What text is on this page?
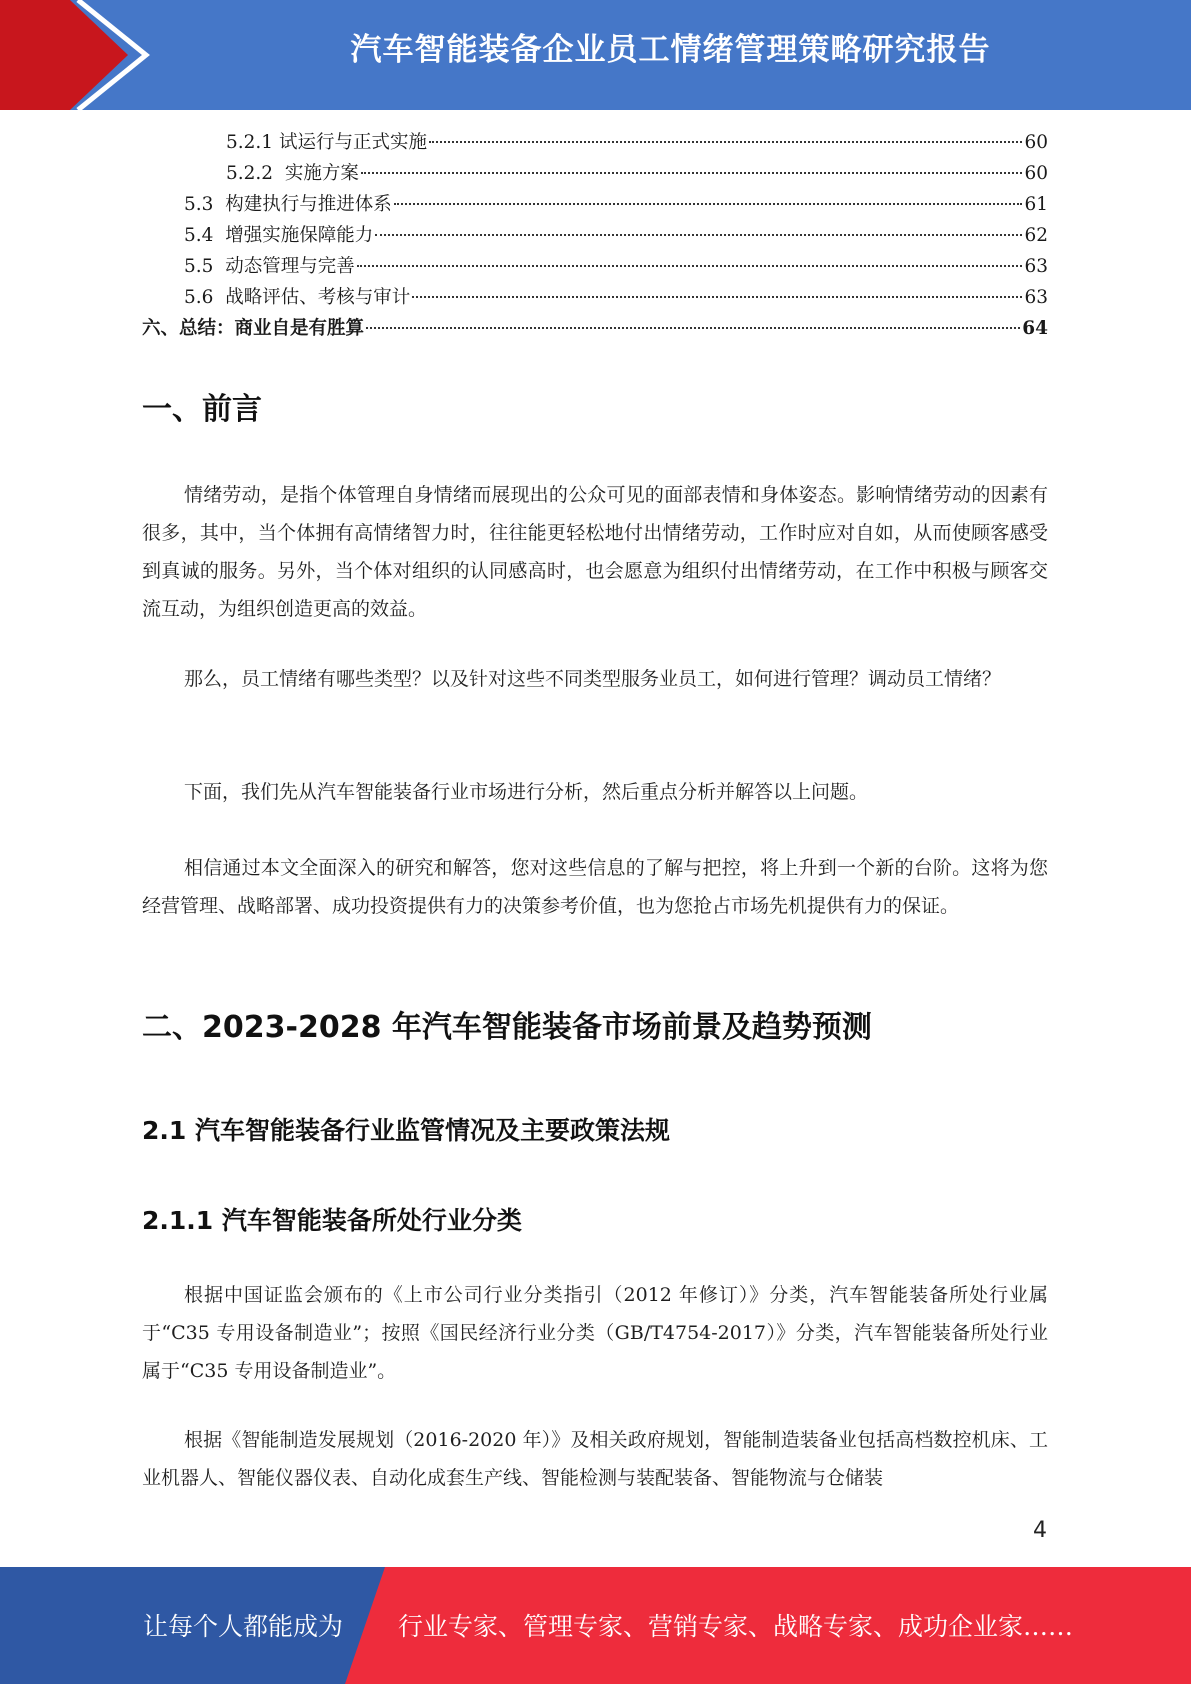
汽车智能装备企业员工情绪管理策略研究报告
5.2.1 试运行与正式实施	60
5.2.2 实施方案	60
5.3 构建执行与推进体系	61
5.4 增强实施保障能力	62
5.5 动态管理与完善	63
5.6 战略评估、考核与审计	63
六、总结：商业自是有胜算	64
一、前言

情绪劳动，是指个体管理自身情绪而展现出的公众可见的面部表情和身体姿态。影响情绪劳动的因素有很多，其中，当个体拥有高情绪智力时，往往能更轻松地付出情绪劳动，工作时应对自如，从而使顾客感受到真诚的服务。另外，当个体对组织的认同感高时，也会愿意为组织付出情绪劳动，在工作中积极与顾客交流互动，为组织创造更高的效益。

那么，员工情绪有哪些类型？以及针对这些不同类型服务业员工，如何进行管理？调动员工情绪？

下面，我们先从汽车智能装备行业市场进行分析，然后重点分析并解答以上问题。

相信通过本文全面深入的研究和解答，您对这些信息的了解与把控，将上升到一个新的台阶。这将为您经营管理、战略部署、成功投资提供有力的决策参考价值，也为您抢占市场先机提供有力的保证。

二、2023-2028 年汽车智能装备市场前景及趋势预测
2.1 汽车智能装备行业监管情况及主要政策法规
2.1.1 汽车智能装备所处行业分类

根据中国证监会颁布的《上市公司行业分类指引（2012 年修订）》分类，汽车智能装备所处行业属于“C35 专用设备制造业”；按照《国民经济行业分类（GB/T4754-2017）》分类，汽车智能装备所处行业属于“C35 专用设备制造业”。

根据《智能制造发展规划（2016-2020 年）》及相关政府规划，智能制造装备业包括高档数控机床、工业机器人、智能仪器仪表、自动化成套生产线、智能检测与装配装备、智能物流与仓储装

4
让每个人都能成为 行业专家、管理专家、营销专家、战略专家、成功企业家……
